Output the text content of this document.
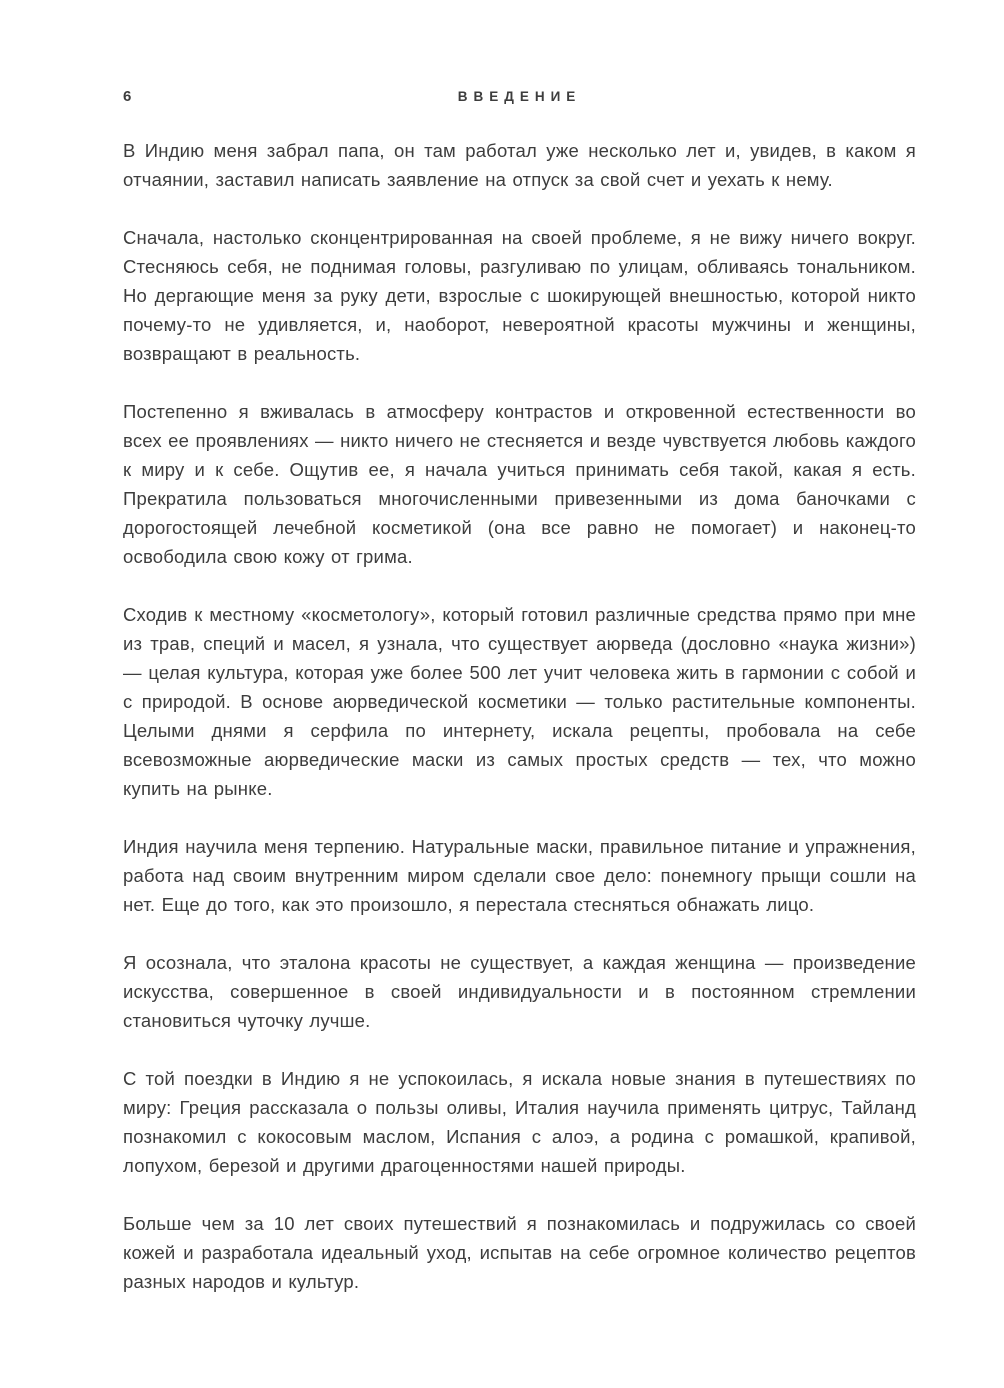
6	ВВЕДЕНИЕ

В Индию меня забрал папа, он там работал уже несколько лет и, увидев, в каком я отчаянии, заставил написать заявление на отпуск за свой счет и уехать к нему.

Сначала, настолько сконцентрированная на своей проблеме, я не вижу ничего вокруг. Стесняюсь себя, не поднимая головы, разгуливаю по улицам, обливаясь тональником. Но дергающие меня за руку дети, взрослые с шокирующей внешностью, которой никто почему-то не удивляется, и, наоборот, невероятной красоты мужчины и женщины, возвращают в реальность.

Постепенно я вживалась в атмосферу контрастов и откровенной естественности во всех ее проявлениях — никто ничего не стесняется и везде чувствуется любовь каждого к миру и к себе. Ощутив ее, я начала учиться принимать себя такой, какая я есть. Прекратила пользоваться многочисленными привезенными из дома баночками с дорогостоящей лечебной косметикой (она все равно не помогает) и наконец-то освободила свою кожу от грима.

Сходив к местному «косметологу», который готовил различные средства прямо при мне из трав, специй и масел, я узнала, что существует аюрведа (дословно «наука жизни») — целая культура, которая уже более 500 лет учит человека жить в гармонии с собой и с природой. В основе аюрведической косметики — только растительные компоненты. Целыми днями я серфила по интернету, искала рецепты, пробовала на себе всевозможные аюрведические маски из самых простых средств — тех, что можно купить на рынке.

Индия научила меня терпению. Натуральные маски, правильное питание и упражнения, работа над своим внутренним миром сделали свое дело: понемногу прыщи сошли на нет. Еще до того, как это произошло, я перестала стесняться обнажать лицо.

Я осознала, что эталона красоты не существует, а каждая женщина — произведение искусства, совершенное в своей индивидуальности и в постоянном стремлении становиться чуточку лучше.

С той поездки в Индию я не успокоилась, я искала новые знания в путешествиях по миру: Греция рассказала о пользы оливы, Италия научила применять цитрус, Тайланд познакомил с кокосовым маслом, Испания с алоэ, а родина с ромашкой, крапивой, лопухом, березой и другими драгоценностями нашей природы.

Больше чем за 10 лет своих путешествий я познакомилась и подружилась со своей кожей и разработала идеальный уход, испытав на себе огромное количество рецептов разных народов и культур.
